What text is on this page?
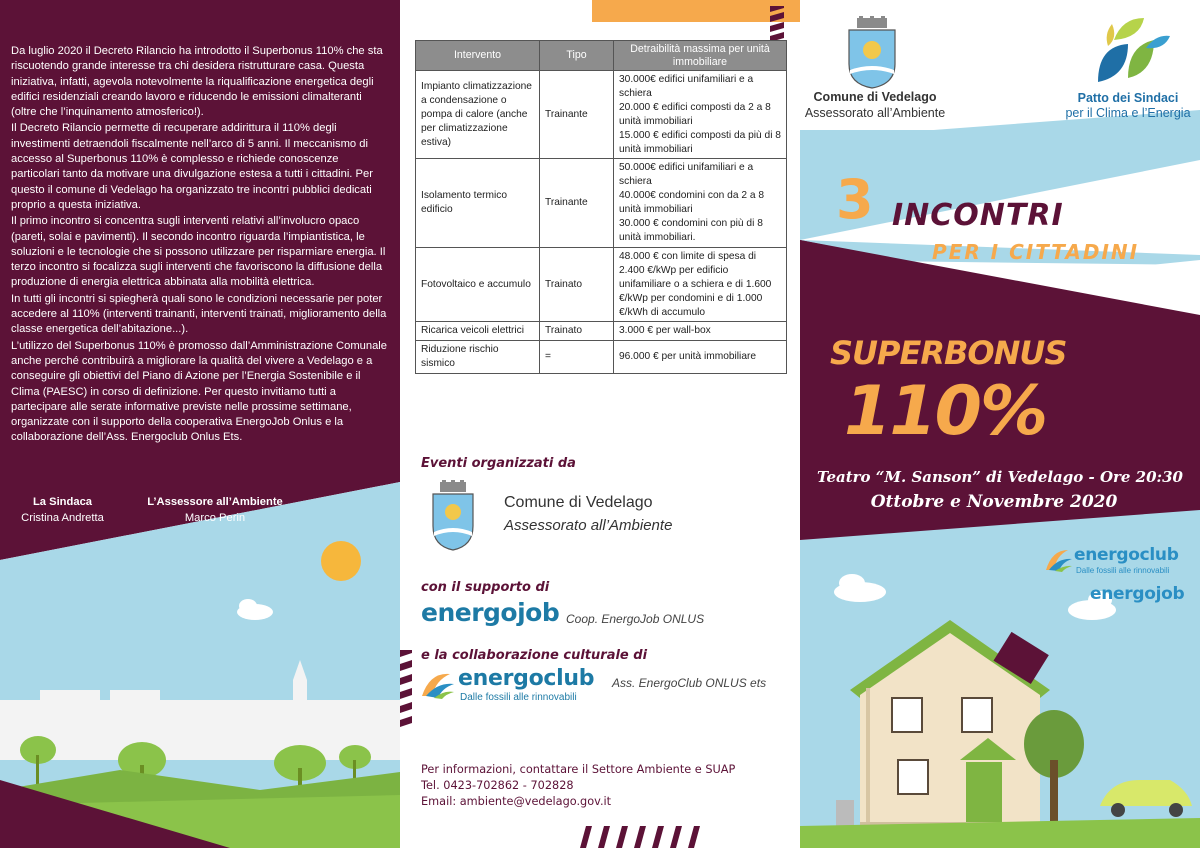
Da luglio 2020 il Decreto Rilancio ha introdotto il Superbonus 110% che sta riscuotendo grande interesse tra chi desidera ristrutturare casa. Questa iniziativa, infatti, agevola notevolmente la riqualificazione energetica degli edifici residenziali creando lavoro e riducendo le emissioni climalteranti (oltre che l’inquinamento atmosferico!).

Il Decreto Rilancio permette di recuperare addirittura il 110% degli investimenti detraendoli fiscalmente nell’arco di 5 anni. Il meccanismo di accesso al Superbonus 110% è complesso e richiede conoscenze particolari tanto da motivare una divulgazione estesa a tutti i cittadini. Per questo il comune di Vedelago ha organizzato tre incontri pubblici dedicati proprio a questa iniziativa.

Il primo incontro si concentra sugli interventi relativi all’involucro opaco (pareti, solai e pavimenti). Il secondo incontro riguarda l’impiantistica, le soluzioni e le tecnologie che si possono utilizzare per risparmiare energia. Il terzo incontro si focalizza sugli interventi che favoriscono la diffusione della produzione di energia elettrica abbinata alla mobilità elettrica.

In tutti gli incontri si spiegherà quali sono le condizioni necessarie per poter accedere al 110% (interventi trainanti, interventi trainati, miglioramento della classe energetica dell’abitazione...).

L’utilizzo del Superbonus 110% è promosso dall’Amministrazione Comunale anche perché contribuirà a migliorare la qualità del vivere a Vedelago e a conseguire gli obiettivi del Piano di Azione per l’Energia Sostenibile e il Clima (PAESC) in corso di definizione. Per questo invitiamo tutti a partecipare alle serate informative previste nelle prossime settimane, organizzate con il supporto della cooperativa EnergoJob Onlus e la collaborazione dell’Ass. Energoclub Onlus Ets.

La Sindaca
Cristina Andretta
L’Assessore all’Ambiente
Marco Perin
Intervento	Tipo	Detraibilità massima per unità immobiliare
Impianto climatizzazione a condensazione o pompa di calore (anche per climatizzazione estiva)	Trainante	30.000€ edifici unifamiliari e a schiera
20.000 € edifici composti da 2 a 8 unità immobiliari
15.000 € edifici composti da più di 8 unità immobiliari

Isolamento termico edificio	Trainante	50.000€ edifici unifamiliari e a schiera
40.000€ condomini con da 2 a 8 unità immobiliari
30.000 € condomini con più di 8 unità immobiliari.

Fotovoltaico e accumulo	Trainato	48.000 € con limite di spesa di 2.400 €/kWp per edificio unifamiliare o a schiera e di 1.600 €/kWp per condomini e di 1.000 €/kWh di accumulo

Ricarica veicoli elettrici	Trainato	3.000 € per wall-box

Riduzione rischio sismico	=	96.000 € per unità immobiliare
Eventi organizzati da
Comune di Vedelago
Assessorato all’Ambiente
con il supporto di
energojob Coop. EnergoJob ONLUS
e la collaborazione culturale di
energoclub
Dalle fossili alle rinnovabili
Ass. EnergoClub ONLUS ets
Per informazioni, contattare il Settore Ambiente e SUAP
Tel. 0423-702862 - 702828
Email: ambiente@vedelago.gov.it
Comune di Vedelago
Assessorato all’Ambiente
Patto dei Sindaci
per il Clima e l’Energia
3 INCONTRI
PER I CITTADINI
SUPERBONUS
110%
Teatro “M. Sanson” di Vedelago - Ore 20:30
Ottobre e Novembre 2020
energoclub
Dalle fossili alle rinnovabili
energojob
